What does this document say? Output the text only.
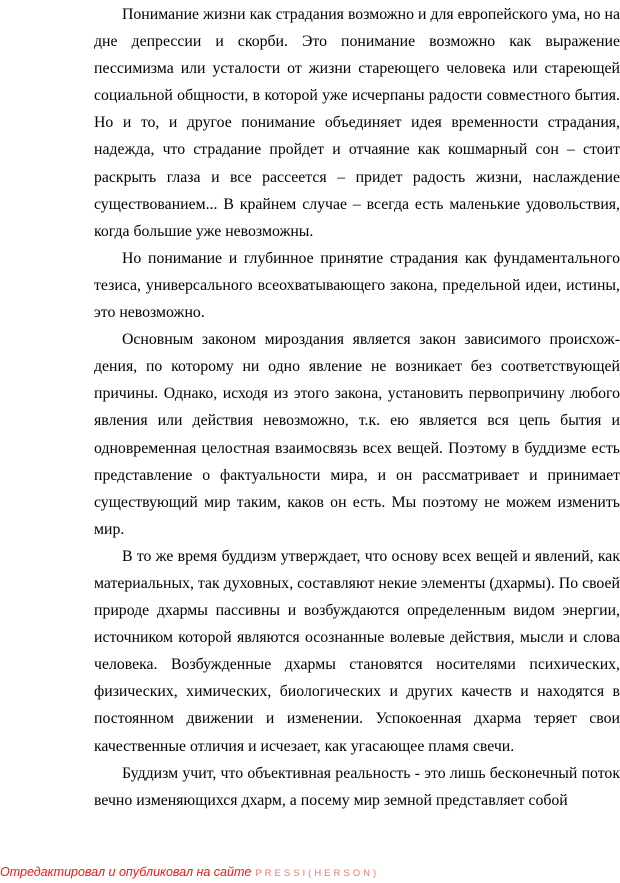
Понимание жизни как страдания возможно и для европейского ума, но на дне депрессии и скорби. Это понимание возможно как выражение пессимизма или усталости от жизни стареющего человека или стареющей социальной общности, в которой уже исчерпаны радости совместного бытия. Но и то, и другое понимание объединяет идея временности страдания, надежда, что страдание пройдет и отчаяние как кошмарный сон – стоит раскрыть глаза и все рассеется – придет радость жизни, наслаждение существованием... В крайнем случае – всегда есть маленькие удовольствия, когда большие уже невозможны.

Но понимание и глубинное принятие страдания как фундаментального тезиса, универсального всеохватывающего закона, предельной идеи, истины, это невозможно.

Основным законом мироздания является закон зависимого происхождения, по которому ни одно явление не возникает без соответствующей причины. Однако, исходя из этого закона, установить первопричину любого явления или действия невозможно, т.к. ею является вся цепь бытия и одновременная целостная взаимосвязь всех вещей. Поэтому в буддизме есть представление о фактуальности мира, и он рассматривает и принимает существующий мир таким, каков он есть. Мы поэтому не можем изменить мир.

В то же время буддизм утверждает, что основу всех вещей и явлений, как материальных, так духовных, составляют некие элементы (дхармы). По своей природе дхармы пассивны и возбуждаются определенным видом энергии, источником которой являются осознанные волевые действия, мысли и слова человека. Возбужденные дхармы становятся носителями психических, физических, химических, биологических и других качеств и находятся в постоянном движении и изменении. Успокоенная дхарма теряет свои качественные отличия и исчезает, как угасающее пламя свечи.

Буддизм учит, что объективная реальность - это лишь бесконечный поток вечно изменяющихся дхарм, а посему мир земной представляет собой

Отредактировал и опубликовал на сайте PRESSI(HERSON)
